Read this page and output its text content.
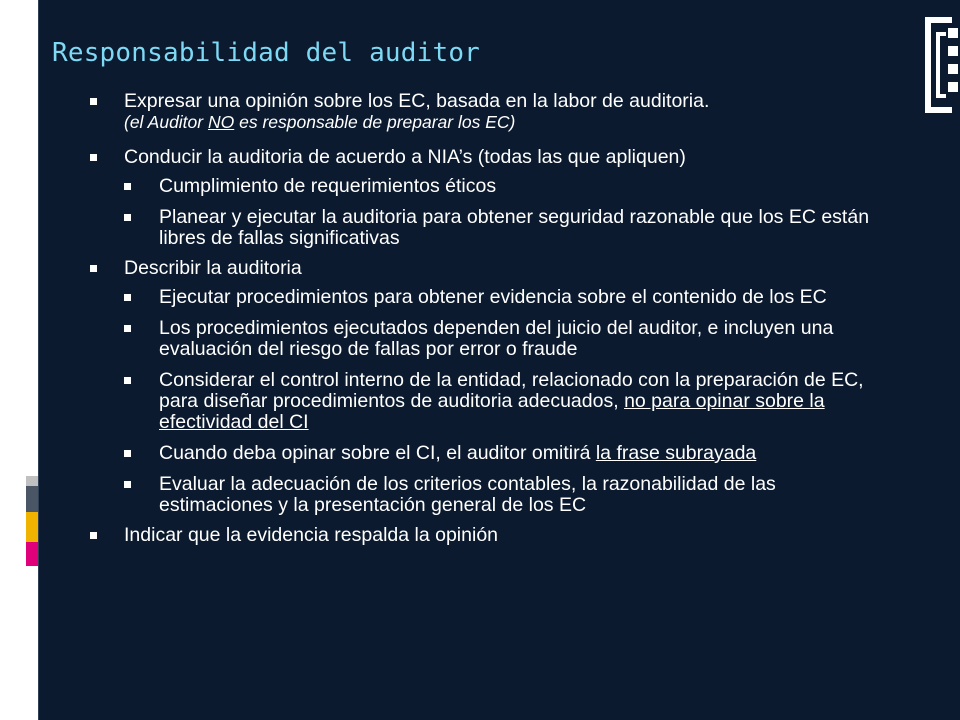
Responsabilidad del auditor
Expresar una opinión sobre los EC, basada en la labor de auditoria.
(el Auditor NO es responsable de preparar los EC)
Conducir la auditoria de acuerdo a NIA’s (todas las que apliquen)
Cumplimiento de requerimientos éticos
Planear y ejecutar la auditoria para obtener seguridad razonable que los EC están libres de fallas significativas
Describir la auditoria
Ejecutar procedimientos para obtener evidencia sobre el contenido de los EC
Los procedimientos ejecutados dependen del juicio del auditor, e incluyen una evaluación del riesgo de fallas por error o fraude
Considerar el control interno de la entidad, relacionado con la preparación de EC, para diseñar procedimientos de auditoria adecuados, no para opinar sobre la efectividad del CI
Cuando deba opinar sobre el CI, el auditor omitirá la frase subrayada
Evaluar la adecuación de los criterios contables, la razonabilidad de las estimaciones y la presentación general de los EC
Indicar que la evidencia respalda la opinión
